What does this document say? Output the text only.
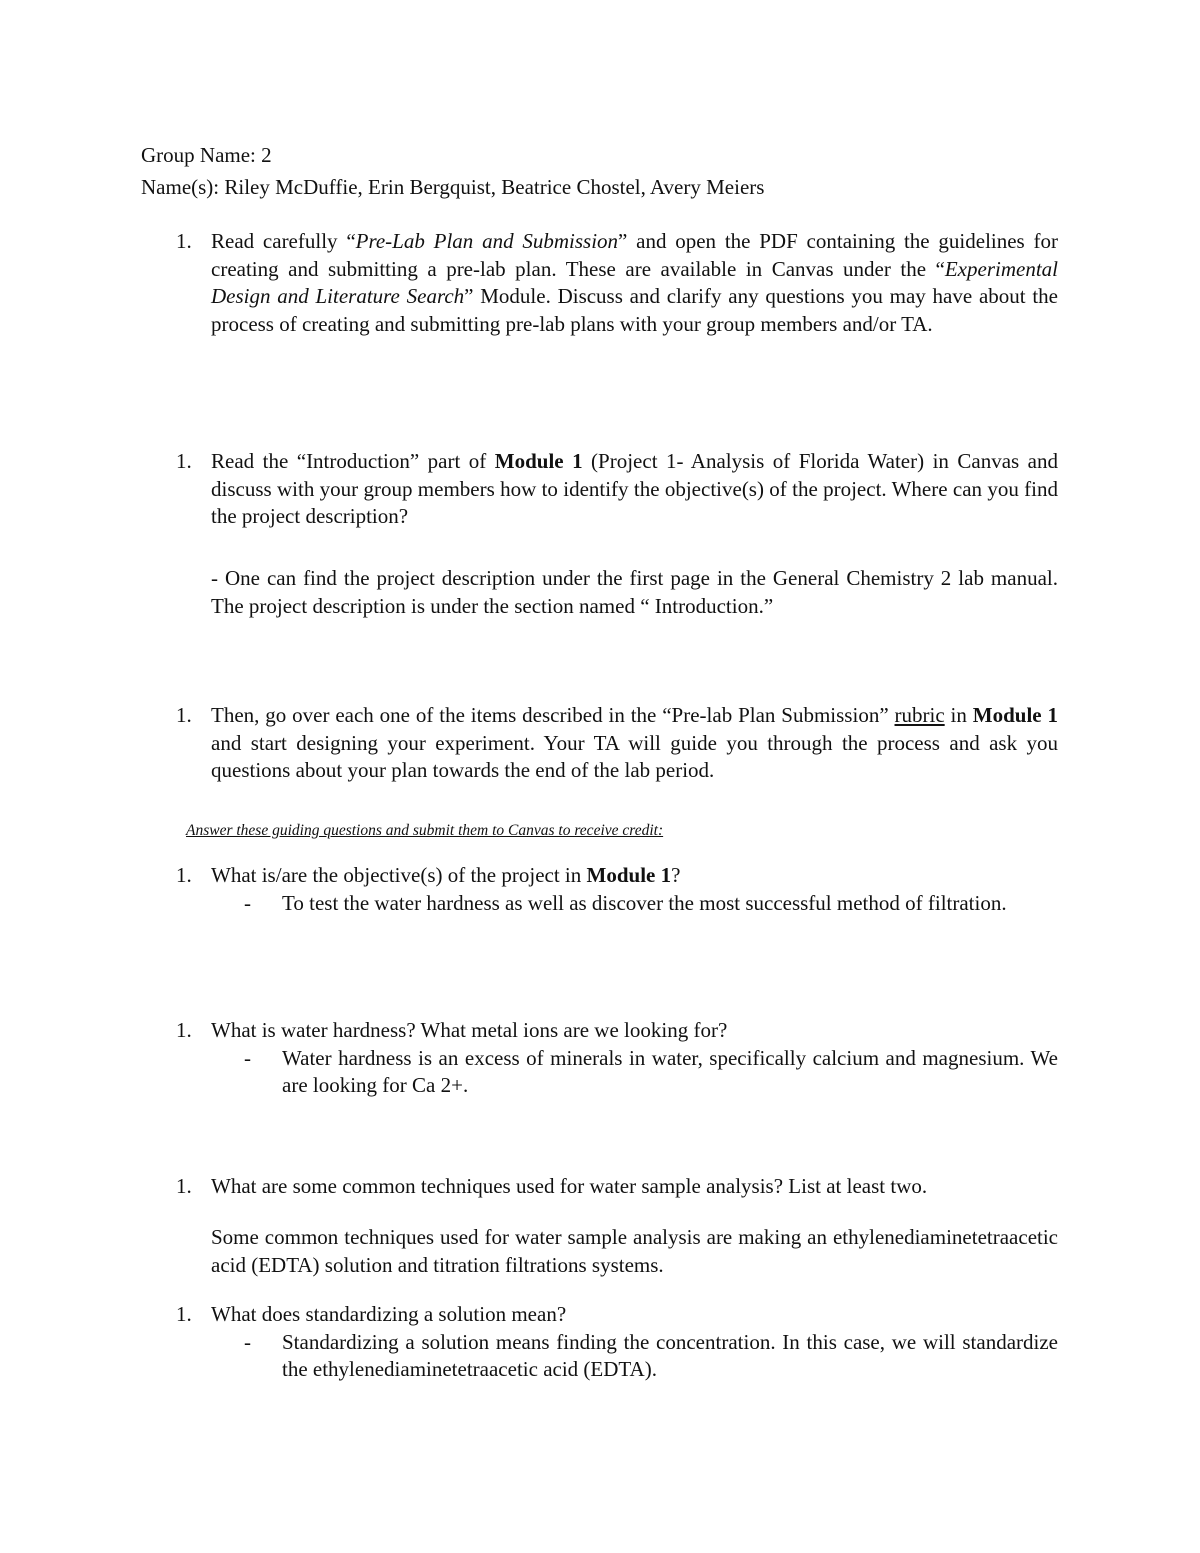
Group Name: 2
Name(s): Riley McDuffie, Erin Bergquist, Beatrice Chostel, Avery Meiers
1. Read carefully “Pre-Lab Plan and Submission” and open the PDF containing the guidelines for creating and submitting a pre-lab plan. These are available in Canvas under the “Experimental Design and Literature Search” Module. Discuss and clarify any questions you may have about the process of creating and submitting pre-lab plans with your group members and/or TA.
1. Read the “Introduction” part of Module 1 (Project 1- Analysis of Florida Water) in Canvas and discuss with your group members how to identify the objective(s) of the project. Where can you find the project description?
- One can find the project description under the first page in the General Chemistry 2 lab manual. The project description is under the section named “ Introduction.”
1. Then, go over each one of the items described in the “Pre-lab Plan Submission” rubric in Module 1 and start designing your experiment. Your TA will guide you through the process and ask you questions about your plan towards the end of the lab period.
Answer these guiding questions and submit them to Canvas to receive credit:
1. What is/are the objective(s) of the project in Module 1?
- To test the water hardness as well as discover the most successful method of filtration.
1. What is water hardness? What metal ions are we looking for?
- Water hardness is an excess of minerals in water, specifically calcium and magnesium. We are looking for Ca 2+.
1. What are some common techniques used for water sample analysis? List at least two.
Some common techniques used for water sample analysis are making an ethylenediaminetetraacetic acid (EDTA) solution and titration filtrations systems.
1. What does standardizing a solution mean?
- Standardizing a solution means finding the concentration. In this case, we will standardize the ethylenediaminetetraacetic acid (EDTA).
